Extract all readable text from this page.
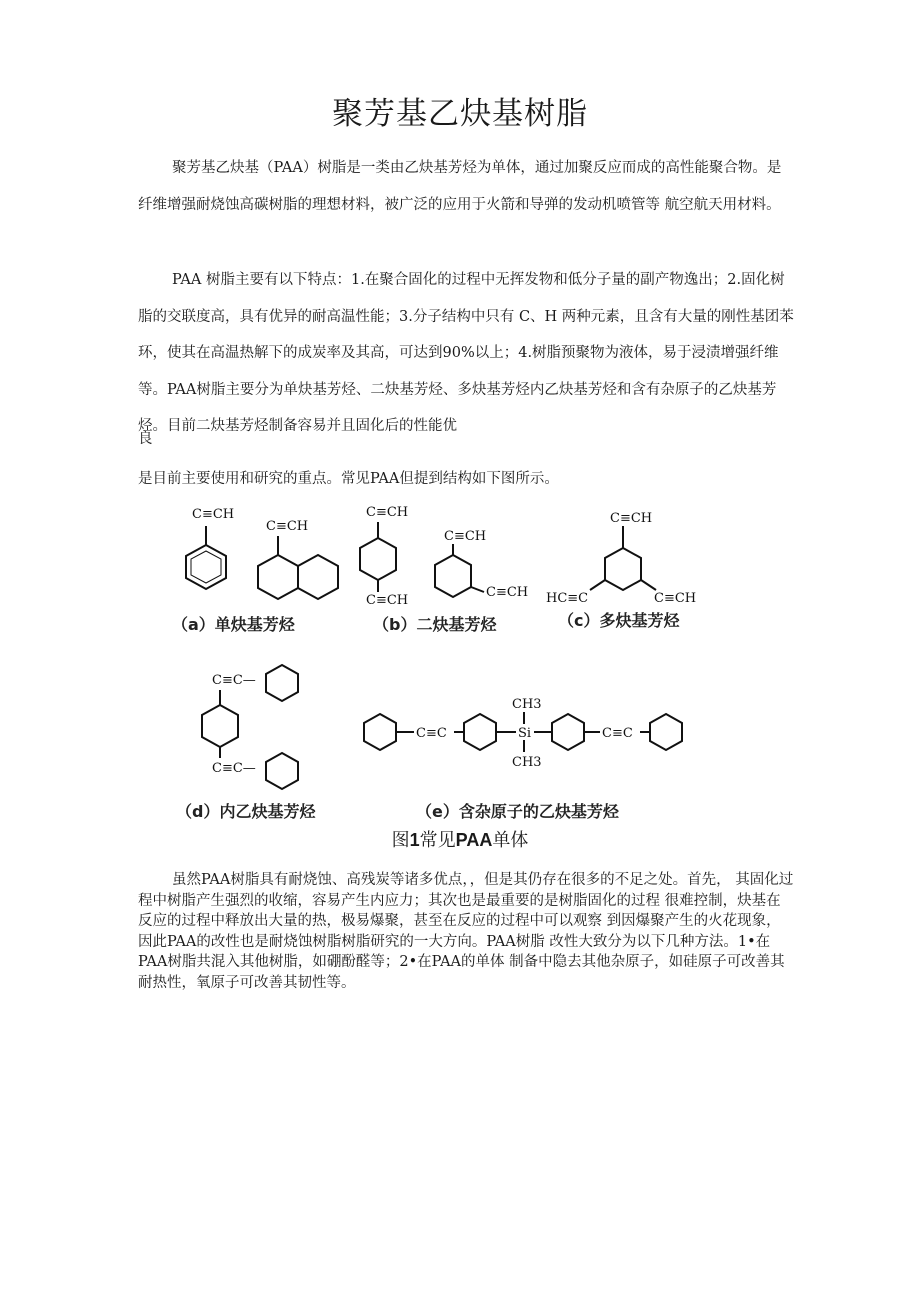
聚芳基乙炔基树脂

聚芳基乙炔基（PAA）树脂是一类由乙炔基芳烃为单体，通过加聚反应而成的高性能聚合物。是纤维增强耐烧蚀高碳树脂的理想材料，被广泛的应用于火箭和导弹的发动机喷管等 航空航天用材料。

PAA 树脂主要有以下特点：1.在聚合固化的过程中无挥发物和低分子量的副产物逸出；2.固化树脂的交联度高，具有优异的耐高温性能；3.分子结构中只有 C、H 两种元素，且含有大量的刚性基团苯环，使其在高温热解下的成炭率及其高，可达到90%以上；4.树脂预聚物为液体，易于浸渍增强纤维等。PAA树脂主要分为单炔基芳烃、二炔基芳烃、多炔基芳烃内乙炔基芳烃和含有杂原子的乙炔基芳烃。目前二炔基芳烃制备容易并且固化后的性能优

良

是目前主要使用和研究的重点。常见PAA但提到结构如下图所示。

C≡CH
C≡CH
C≡CH
C≡CH
C≡CH
C≡CH
C≡CH
HC≡C	C≡CH
（a）单炔基芳烃	（b）二炔基芳烃	（c）多炔基芳烃
C≡C—
C≡C—
C≡C	Si
CH3
CH3
C≡C
（d）内乙炔基芳烃	（e）含杂原子的乙炔基芳烃
图1常见PAA单体

虽然PAA树脂具有耐烧蚀、高残炭等诸多优点，，但是其仍存在很多的不足之处。首先， 其固化过程中树脂产生强烈的收缩，容易产生内应力；其次也是最重要的是树脂固化的过程 很难控制，炔基在反应的过程中释放出大量的热，极易爆聚，甚至在反应的过程中可以观察 到因爆聚产生的火花现象，因此PAA的改性也是耐烧蚀树脂树脂研究的一大方向。PAA树脂 改性大致分为以下几种方法。1•在PAA树脂共混入其他树脂，如硼酚醛等；2•在PAA的单体 制备中隐去其他杂原子，如硅原子可改善其耐热性，氧原子可改善其韧性等。
